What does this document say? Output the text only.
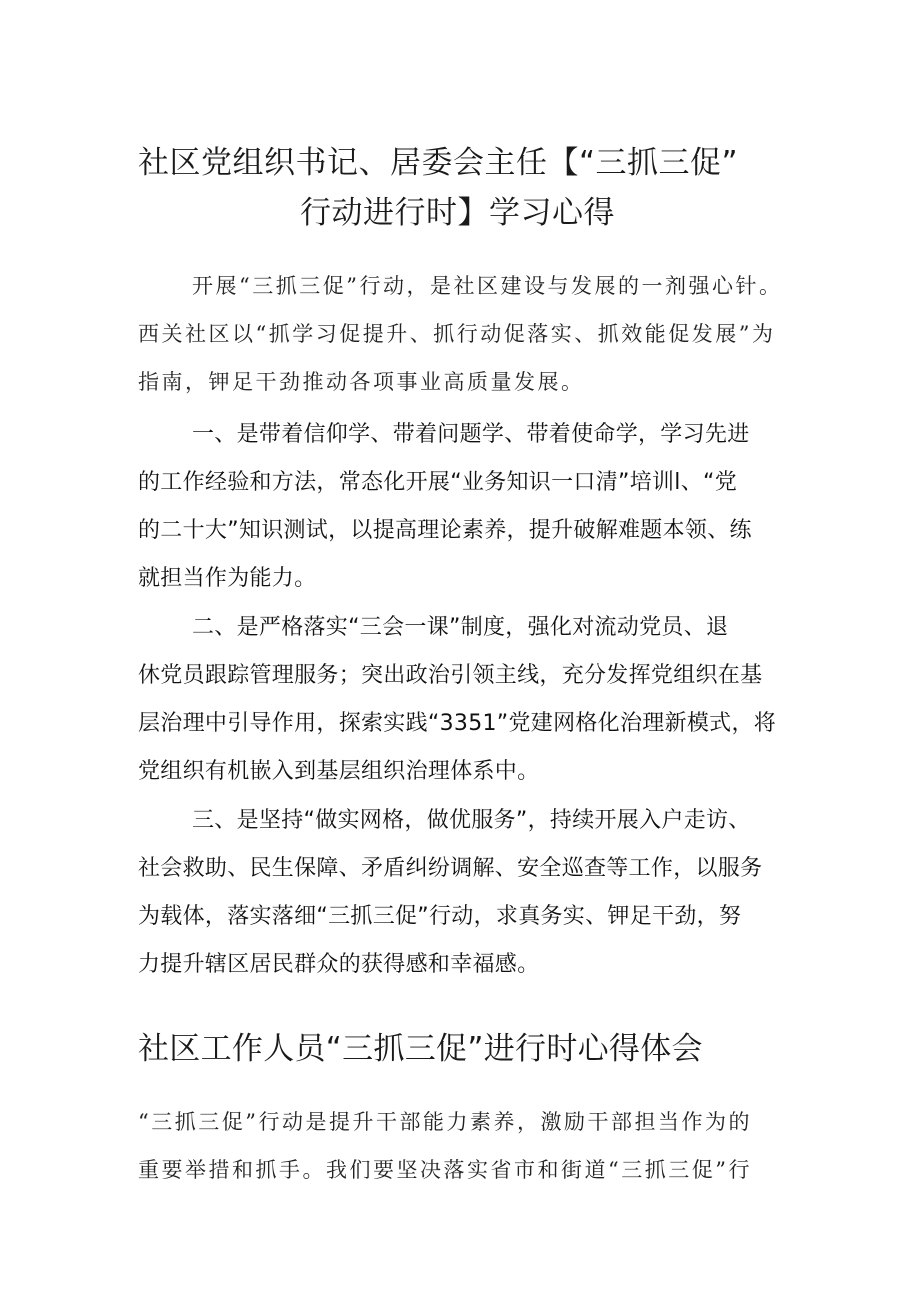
社区党组织书记、居委会主任【“三抓三促”
行动进行时】学习心得

开展“三抓三促”行动，是社区建设与发展的一剂强心针。
西关社区以“抓学习促提升、抓行动促落实、抓效能促发展”为
指南，钾足干劲推动各项事业高质量发展。

一、是带着信仰学、带着问题学、带着使命学，学习先进
的工作经验和方法，常态化开展“业务知识一口清”培训l、“党
的二十大”知识测试，以提高理论素养，提升破解难题本领、练
就担当作为能力。

二、是严格落实“三会一课”制度，强化对流动党员、退
休党员跟踪管理服务；突出政治引领主线，充分发挥党组织在基
层治理中引导作用，探索实践“3351”党建网格化治理新模式，将
党组织有机嵌入到基层组织治理体系中。

三、是坚持“做实网格，做优服务”，持续开展入户走访、
社会救助、民生保障、矛盾纠纷调解、安全巡查等工作，以服务
为载体，落实落细“三抓三促”行动，求真务实、钾足干劲，努
力提升辖区居民群众的获得感和幸福感。

社区工作人员“三抓三促”进行时心得体会

“三抓三促”行动是提升干部能力素养，激励干部担当作为的
重要举措和抓手。我们要坚决落实省市和街道“三抓三促”行
